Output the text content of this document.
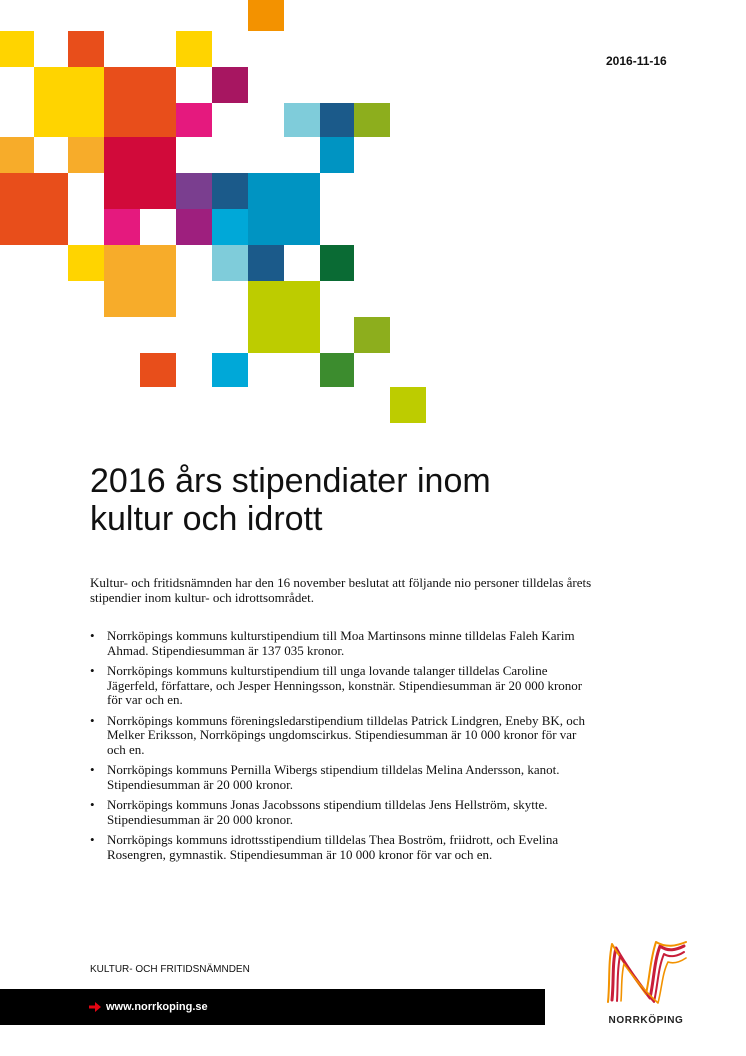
2016-11-16
2016 års stipendiater inom
kultur och idrott

Kultur- och fritidsnämnden har den 16 november beslutat att följande nio personer tilldelas årets stipendier inom kultur- och idrottsområdet.

• Norrköpings kommuns kulturstipendium till Moa Martinsons minne tilldelas Faleh Karim Ahmad. Stipendiesumman är 137 035 kronor.
• Norrköpings kommuns kulturstipendium till unga lovande talanger tilldelas Caroline Jägerfeld, författare, och Jesper Henningsson, konstnär. Stipendiesumman är 20 000 kronor för var och en.
• Norrköpings kommuns föreningsledarstipendium tilldelas Patrick Lindgren, Eneby BK, och Melker Eriksson, Norrköpings ungdomscirkus. Stipendiesumman är 10 000 kronor för var och en.
• Norrköpings kommuns Pernilla Wibergs stipendium tilldelas Melina Andersson, kanot. Stipendiesumman är 20 000 kronor.
• Norrköpings kommuns Jonas Jacobssons stipendium tilldelas Jens Hellström, skytte. Stipendiesumman är 20 000 kronor.
• Norrköpings kommuns idrottsstipendium tilldelas Thea Boström, friidrott, och Evelina Rosengren, gymnastik. Stipendiesumman är 10 000 kronor för var och en.
KULTUR- OCH FRITIDSNÄMNDEN
www.norrkoping.se
NORRKÖPING
